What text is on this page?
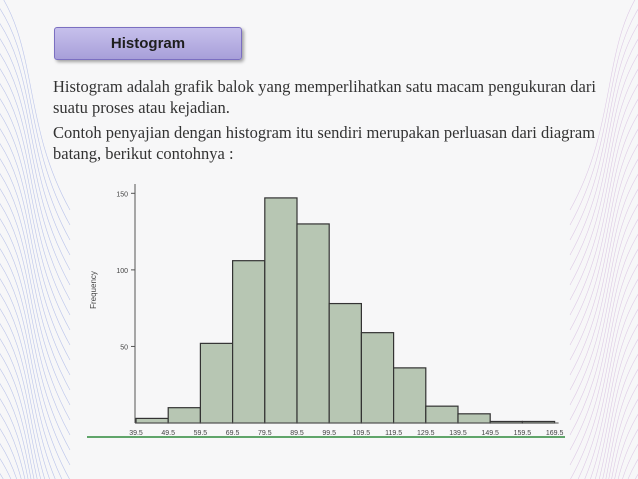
Histogram
Histogram adalah grafik balok yang memperlihatkan satu macam pengukuran dari suatu proses atau kejadian.
Contoh penyajian dengan histogram itu sendiri merupakan perluasan dari diagram batang, berikut contohnya :
50
100
150
Frequency
39.5	49.5	59.5	69.5	79.5	89.5	99.5 109.5 119.5 129.5 139.5 149.5 159.5 169.5
